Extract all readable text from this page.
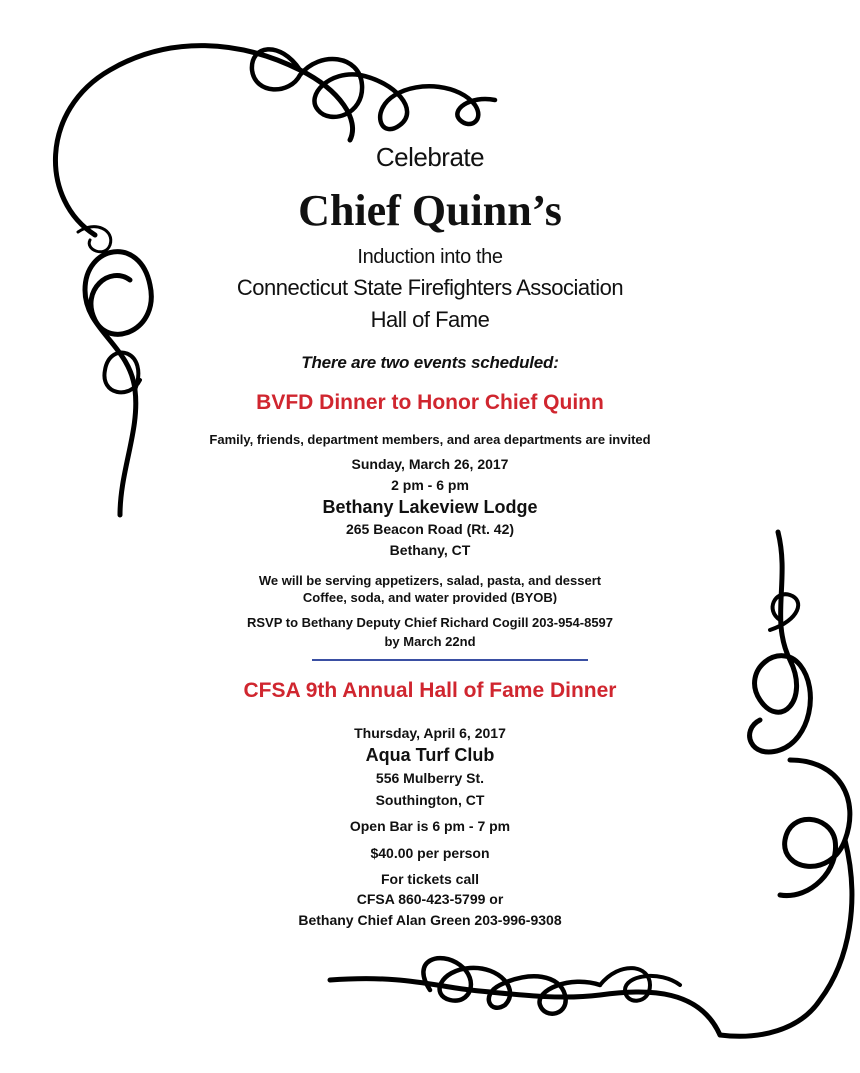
Celebrate
Chief Quinn’s
Induction into the
Connecticut State Firefighters Association
Hall of Fame
There are two events scheduled:
BVFD Dinner to Honor Chief Quinn
Family, friends, department members, and area departments are invited
Sunday, March 26, 2017
2 pm - 6 pm
Bethany Lakeview Lodge
265 Beacon Road (Rt. 42)
Bethany, CT
We will be serving appetizers, salad, pasta, and dessert
Coffee, soda, and water provided (BYOB)
RSVP to Bethany Deputy Chief Richard Cogill 203-954-8597
by March 22nd
CFSA 9th Annual Hall of Fame Dinner
Thursday, April 6, 2017
Aqua Turf Club
556 Mulberry St.
Southington, CT
Open Bar is 6 pm - 7 pm
$40.00 per person
For tickets call
CFSA 860-423-5799 or
Bethany Chief Alan Green 203-996-9308
